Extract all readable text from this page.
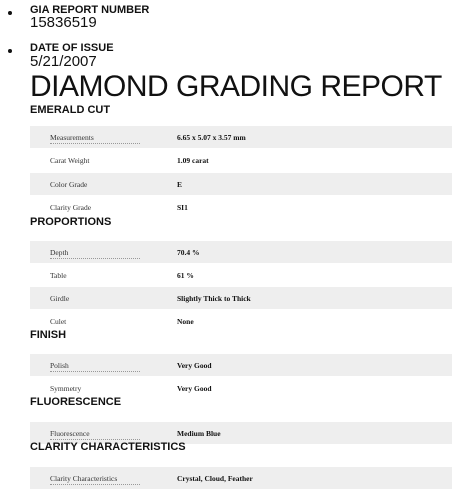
GIA REPORT NUMBER
15836519
DATE OF ISSUE
5/21/2007
DIAMOND GRADING REPORT
EMERALD CUT
Measurements	6.65 x 5.07 x 3.57 mm
Carat Weight	1.09 carat
Color Grade	E
Clarity Grade	SI1
PROPORTIONS
Depth	70.4 %
Table	61 %
Girdle	Slightly Thick to Thick
Culet	None
FINISH
Polish	Very Good
Symmetry	Very Good
FLUORESCENCE
Fluorescence	Medium Blue
CLARITY CHARACTERISTICS
Clarity Characteristics	Crystal, Cloud, Feather
